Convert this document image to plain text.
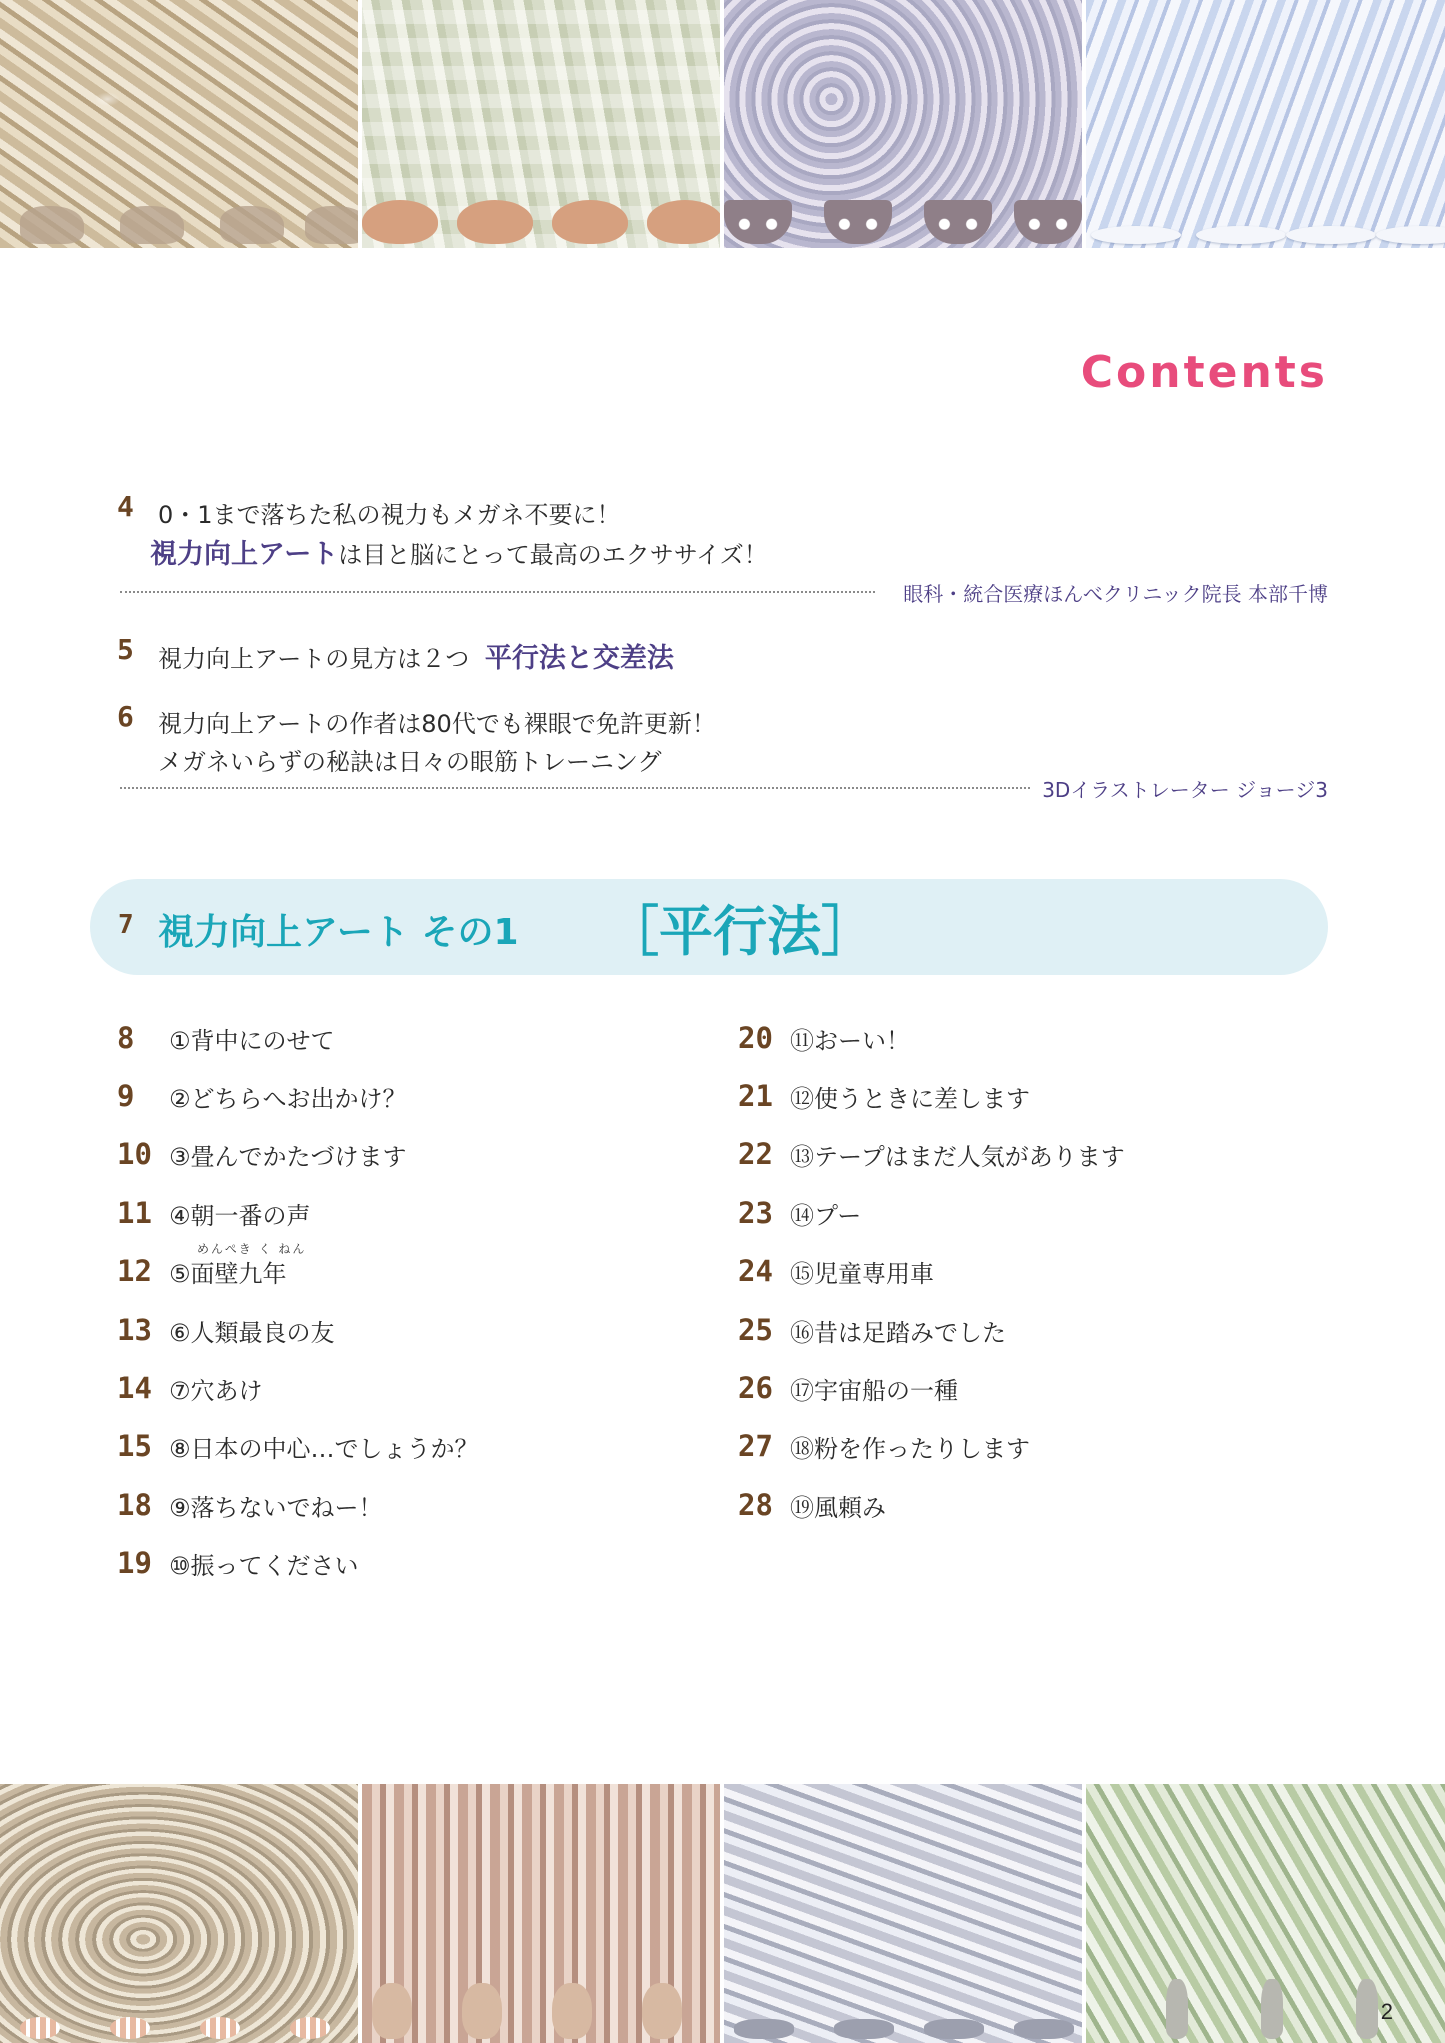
Contents
4 0・1まで落ちた私の視力もメガネ不要に！
視力向上アートは目と脳にとって最高のエクササイズ！
眼科・統合医療ほんべクリニック院長 本部千博
5 視力向上アートの見方は２つ 平行法と交差法
6 視力向上アートの作者は80代でも裸眼で免許更新！
メガネいらずの秘訣は日々の眼筋トレーニング
3Dイラストレーター ジョージ3
7 視力向上アート その1 ［平行法］
8 ①背中にのせて
9 ②どちらへお出かけ？
10 ③畳んでかたづけます
11 ④朝一番の声
めんぺき く ねん
12 ⑤面壁九年
13 ⑥人類最良の友
14 ⑦穴あけ
15 ⑧日本の中心…でしょうか？
18 ⑨落ちないでねー！
19 ⑩振ってください
20 ⑪おーい！
21 ⑫使うときに差します
22 ⑬テープはまだ人気があります
23 ⑭プー
24 ⑮児童専用車
25 ⑯昔は足踏みでした
26 ⑰宇宙船の一種
27 ⑱粉を作ったりします
28 ⑲風頼み
2
